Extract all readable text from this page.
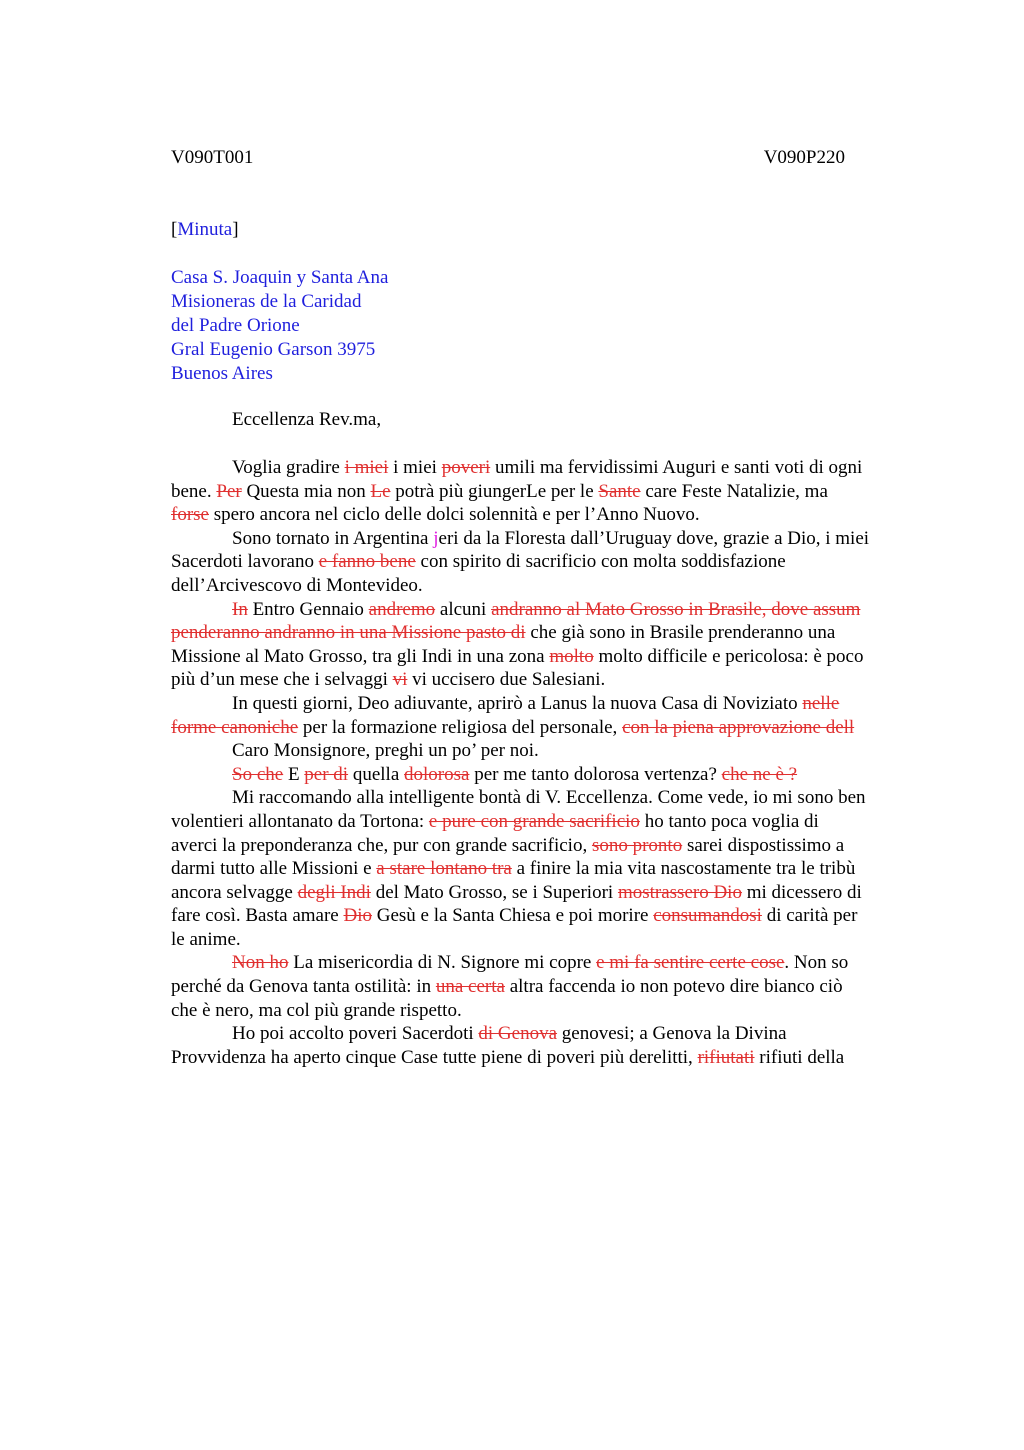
V090T001	V090P220
[Minuta]
Casa S. Joaquin y Santa Ana
Misioneras de la Caridad
del Padre Orione
Gral Eugenio Garson 3975
Buenos Aires
Eccellenza Rev.ma,
Voglia gradire i miei i miei poveri umili ma fervidissimi Auguri e santi voti di ogni
bene. Per Questa mia non Le potrà più giungerLe per le Sante care Feste Natalizie, ma
forse spero ancora nel ciclo delle dolci solennità e per l’Anno Nuovo.
Sono tornato in Argentina jeri da la Floresta dall’Uruguay dove, grazie a Dio, i miei
Sacerdoti lavorano e fanno bene con spirito di sacrificio con molta soddisfazione
dell’Arcivescovo di Montevideo.
In Entro Gennaio andremo alcuni andranno al Mato Grosso in Brasile, dove assum
penderanno andranno in una Missione pasto di che già sono in Brasile prenderanno una
Missione al Mato Grosso, tra gli Indi in una zona molto molto difficile e pericolosa: è poco
più d’un mese che i selvaggi vi vi uccisero due Salesiani.
In questi giorni, Deo adiuvante, aprirò a Lanus la nuova Casa di Noviziato nelle
forme canoniche per la formazione religiosa del personale, con la piena approvazione dell
Caro Monsignore, preghi un po’ per noi.
So che E per di quella dolorosa per me tanto dolorosa vertenza? che ne è ?
Mi raccomando alla intelligente bontà di V. Eccellenza. Come vede, io mi sono ben
volentieri allontanato da Tortona: e pure con grande sacrificio ho tanto poca voglia di
averci la preponderanza che, pur con grande sacrificio, sono pronto sarei dispostissimo a
darmi tutto alle Missioni e a stare lontano tra a finire la mia vita nascostamente tra le tribù
ancora selvagge degli Indi del Mato Grosso, se i Superiori mostrassero Dio mi dicessero di
fare così. Basta amare Dio Gesù e la Santa Chiesa e poi morire consumandosi di carità per
le anime.
Non ho La misericordia di N. Signore mi copre e mi fa sentire certe cose. Non so
perché da Genova tanta ostilità: in una certa altra faccenda io non potevo dire bianco ciò
che è nero, ma col più grande rispetto.
Ho poi accolto poveri Sacerdoti di Genova genovesi; a Genova la Divina
Provvidenza ha aperto cinque Case tutte piene di poveri più derelitti, rifiutati rifiuti della
